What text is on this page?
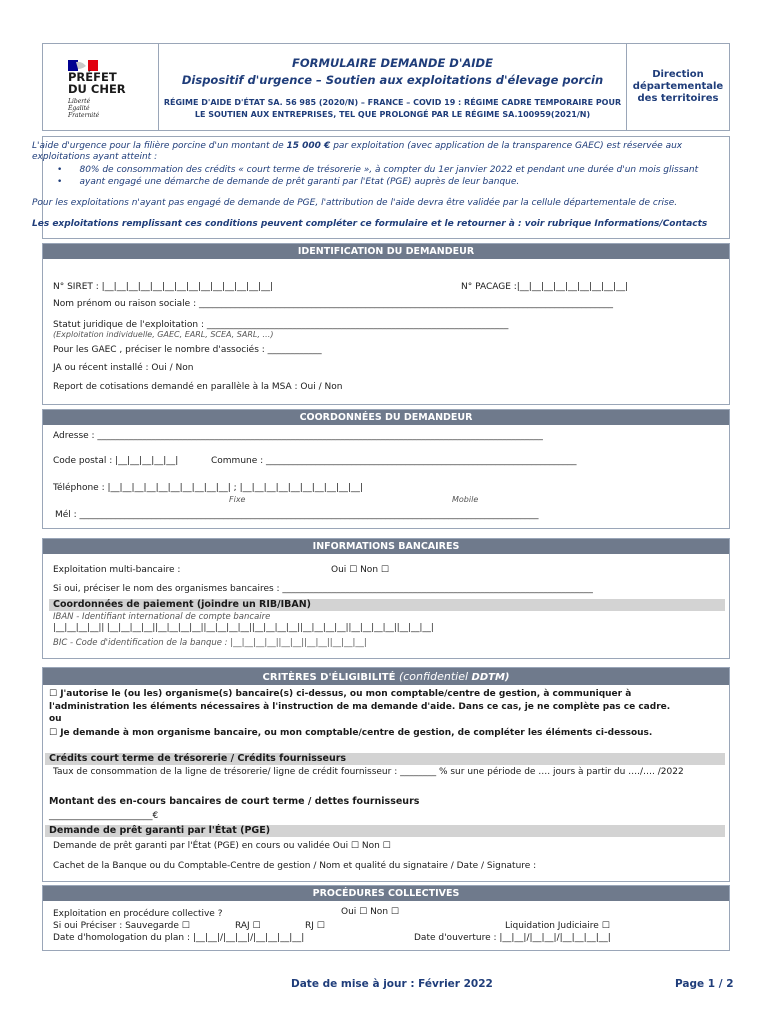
PRÉFET
DU CHER
Liberté
Égalité
Fraternité
FORMULAIRE DEMANDE D'AIDE
Dispositif d'urgence – Soutien aux exploitations d'élevage porcin
RÉGIME D'AIDE D'ÉTAT SA. 56 985 (2020/N) – FRANCE – COVID 19 : RÉGIME CADRE TEMPORAIRE POUR
LE SOUTIEN AUX ENTREPRISES, TEL QUE PROLONGÉ PAR LE RÉGIME SA.100959(2021/N)
Direction
départementale
des territoires
L'aide d'urgence pour la filière porcine d'un montant de 15 000 € par exploitation (avec application de la transparence GAEC) est réservée aux
exploitations ayant atteint :
•      80% de consommation des crédits « court terme de trésorerie », à compter du 1er janvier 2022 et pendant une durée d'un mois glissant
•      ayant engagé une démarche de demande de prêt garanti par l'Etat (PGE) auprès de leur banque.
Pour les exploitations n'ayant pas engagé de demande de PGE, l'attribution de l'aide devra être validée par la cellule départementale de crise.
Les exploitations remplissant ces conditions peuvent compléter ce formulaire et le retourner à : voir rubrique Informations/Contacts
IDENTIFICATION DU DEMANDEUR
N° SIRET : |__|__|__|__|__|__|__|__|__|__|__|__|__|__|	N° PACAGE :|__|__|__|__|__|__|__|__|__|
Nom prénom ou raison sociale : ____________________________________________________________________________________________
Statut juridique de l'exploitation : ___________________________________________________________________
(Exploitation individuelle, GAEC, EARL, SCEA, SARL, …)
Pour les GAEC , préciser le nombre d'associés : ____________
JA ou récent installé : Oui / Non
Report de cotisations demandé en parallèle à la MSA : Oui / Non
COORDONNÉES DU DEMANDEUR
Adresse : ___________________________________________________________________________________________________
Code postal : |__|__|__|__|__|	Commune : _____________________________________________________________________
Téléphone : |__|__|__|__|__|__|__|__|__|__| ; |__|__|__|__|__|__|__|__|__|__|
Fixe	Mobile
Mél : ______________________________________________________________________________________________________
INFORMATIONS BANCAIRES
Exploitation multi-bancaire :	Oui ☐ Non ☐
Si oui, préciser le nom des organismes bancaires : _____________________________________________________________________
Coordonnées de paiement (joindre un RIB/IBAN)
IBAN - Identifiant international de compte bancaire
|__|__|__|__|| |__|__|__|__||__|__|__|__||__|__|__|__||__|__|__|__||__|__|__|__||__|__|__|__||__|__|__|
BIC - Code d'identification de la banque : |__|__|__|__||__|__||__|__||__|__|__|
CRITÈRES D'ÉLIGIBILITÉ (confidentiel DDTM)
☐ J'autorise le (ou les) organisme(s) bancaire(s) ci-dessus, ou mon comptable/centre de gestion, à communiquer à
l'administration les éléments nécessaires à l'instruction de ma demande d'aide. Dans ce cas, je ne complète pas ce cadre.
ou
☐ Je demande à mon organisme bancaire, ou mon comptable/centre de gestion, de compléter les éléments ci-dessous.
Crédits court terme de trésorerie / Crédits fournisseurs
Taux de consommation de la ligne de trésorerie/ ligne de crédit fournisseur : ________ % sur une période de …. jours à partir du …./…. /2022
Montant des en-cours bancaires de court terme / dettes fournisseurs
_______________________€
Demande de prêt garanti par l'État (PGE)
Demande de prêt garanti par l'État (PGE) en cours ou validée Oui ☐ Non ☐
Cachet de la Banque ou du Comptable-Centre de gestion / Nom et qualité du signataire / Date / Signature :
PROCÉDURES COLLECTIVES
Exploitation en procédure collective ?	Oui ☐ Non ☐
Si oui Préciser : Sauvegarde ☐	RAJ ☐	RJ ☐	Liquidation Judiciaire ☐
Date d'homologation du plan : |__|__|/|__|__|/|__|__|__|__|	Date d'ouverture : |__|__|/|__|__|/|__|__|__|__|
Date de mise à jour : Février 2022	Page 1 / 2
